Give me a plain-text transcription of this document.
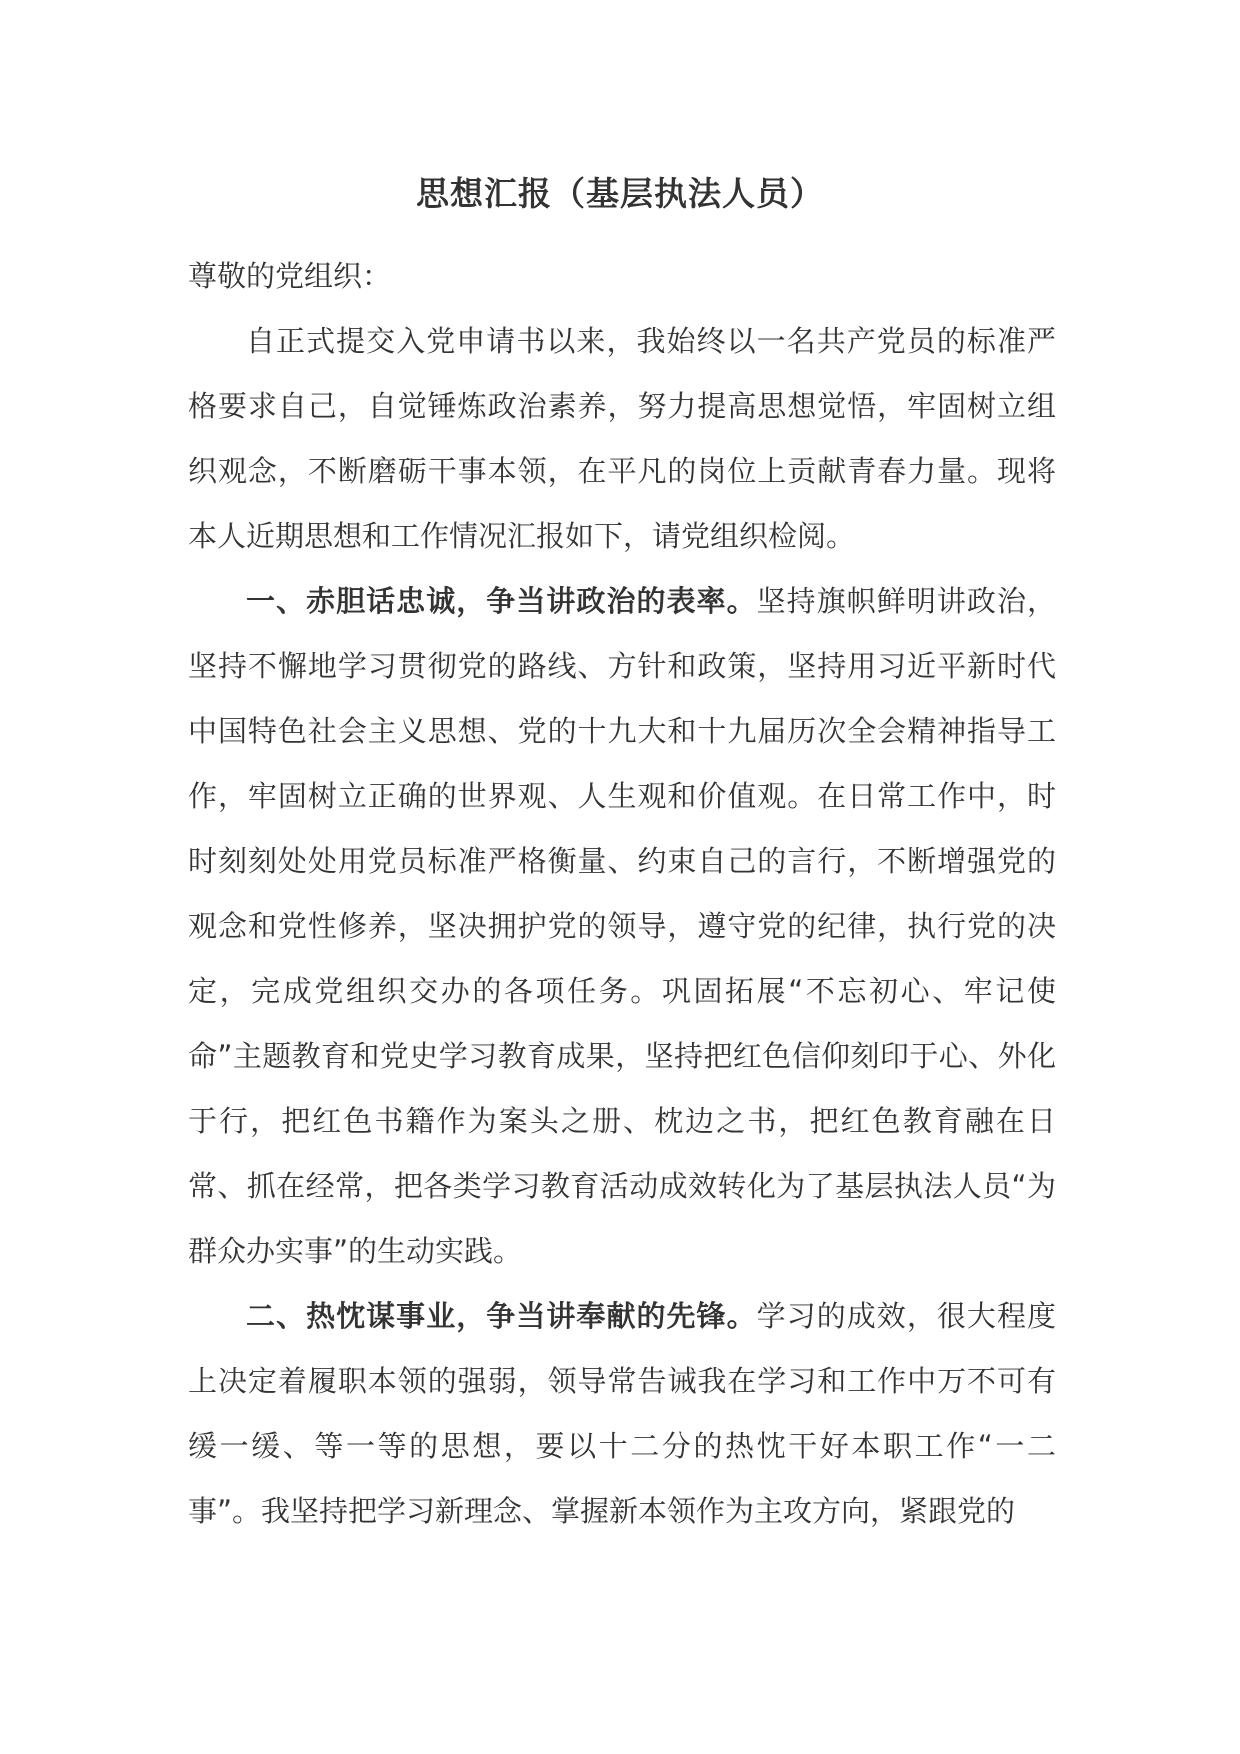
思想汇报（基层执法人员）

尊敬的党组织：

自正式提交入党申请书以来，我始终以一名共产党员的标准严格要求自己，自觉锤炼政治素养，努力提高思想觉悟，牢固树立组织观念，不断磨砺干事本领，在平凡的岗位上贡献青春力量。现将本人近期思想和工作情况汇报如下，请党组织检阅。

一、赤胆话忠诚，争当讲政治的表率。坚持旗帜鲜明讲政治，坚持不懈地学习贯彻党的路线、方针和政策，坚持用习近平新时代中国特色社会主义思想、党的十九大和十九届历次全会精神指导工作，牢固树立正确的世界观、人生观和价值观。在日常工作中，时时刻刻处处用党员标准严格衡量、约束自己的言行，不断增强党的观念和党性修养，坚决拥护党的领导，遵守党的纪律，执行党的决定，完成党组织交办的各项任务。巩固拓展“不忘初心、牢记使命”主题教育和党史学习教育成果，坚持把红色信仰刻印于心、外化于行，把红色书籍作为案头之册、枕边之书，把红色教育融在日常、抓在经常，把各类学习教育活动成效转化为了基层执法人员“为群众办实事”的生动实践。

二、热忱谋事业，争当讲奉献的先锋。学习的成效，很大程度上决定着履职本领的强弱，领导常告诫我在学习和工作中万不可有缓一缓、等一等的思想，要以十二分的热忱干好本职工作“一二事”。我坚持把学习新理念、掌握新本领作为主攻方向，紧跟党的
